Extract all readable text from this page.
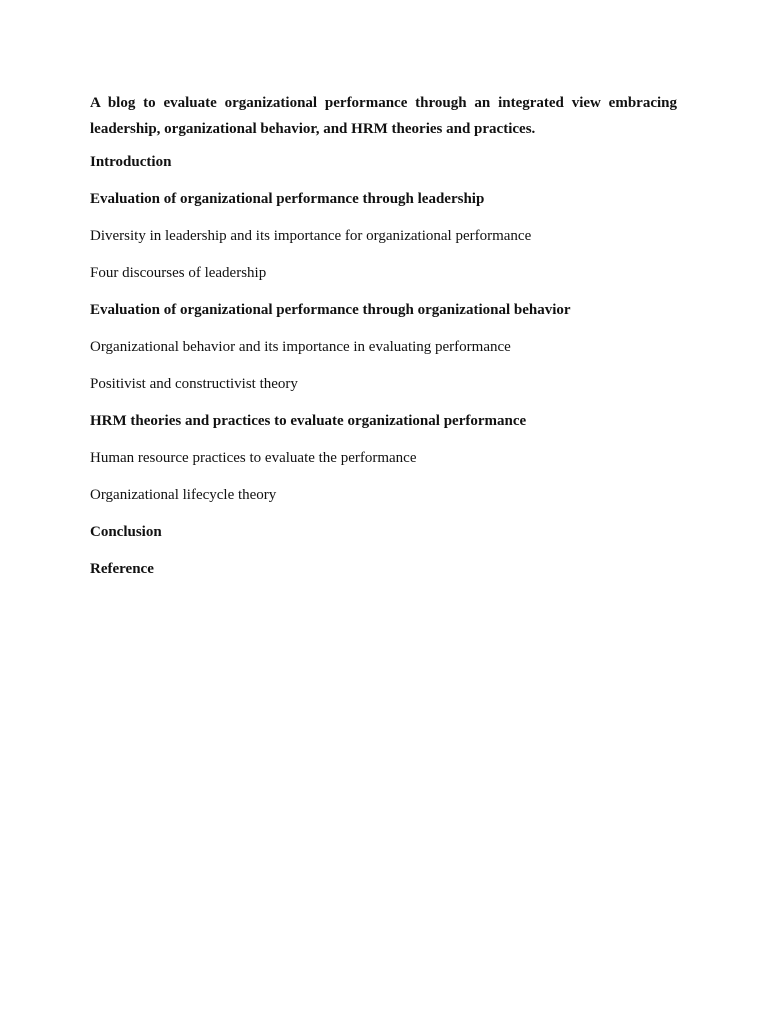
A blog to evaluate organizational performance through an integrated view embracing leadership, organizational behavior, and HRM theories and practices.

Introduction
Evaluation of organizational performance through leadership
Diversity in leadership and its importance for organizational performance
Four discourses of leadership
Evaluation of organizational performance through organizational behavior
Organizational behavior and its importance in evaluating performance
Positivist and constructivist theory
HRM theories and practices to evaluate organizational performance
Human resource practices to evaluate the performance
Organizational lifecycle theory
Conclusion
Reference
